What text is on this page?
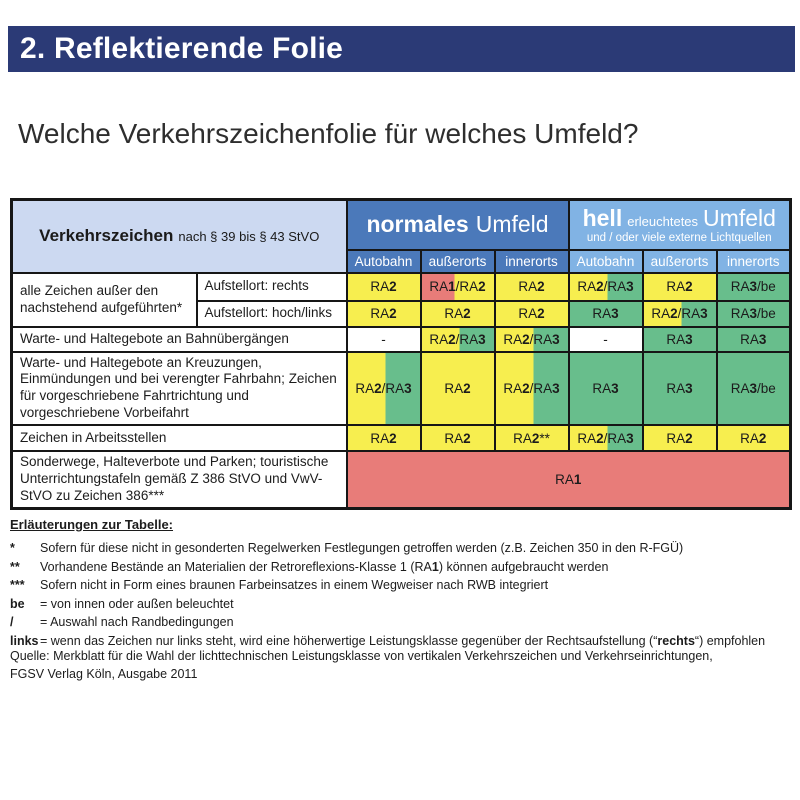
2. Reflektierende Folie
Welche Verkehrszeichenfolie für welches Umfeld?
Verkehrszeichen nach § 39 bis § 43 StVO		normales Umfeld			hell erleuchtetes Umfeld
und / oder viele externe Lichtquellen		

		Autobahn	außerorts	innerorts	Autobahn	außerorts	innerorts
alle Zeichen außer den nachstehend aufgeführten*	Aufstellort: rechts	RA2	RA1/RA2	RA2	RA2/RA3	RA2	RA3/be
	Aufstellort: hoch/links	RA2	RA2	RA2	RA3	RA2/RA3	RA3/be
Warte- und Haltegebote an Bahnübergängen		-	RA2/RA3	RA2/RA3	-	RA3	RA3
Warte- und Haltegebote an Kreuzungen, Einmündungen und bei verengter Fahrbahn; Zeichen für vorgeschriebene Fahrtrichtung und vorgeschriebene Vorbeifahrt		RA2/RA3	RA2	RA2/RA3	RA3	RA3	RA3/be
Zeichen in Arbeitsstellen		RA2	RA2	RA2**	RA2/RA3	RA2	RA2
Sonderwege, Halteverbote und Parken; touristische Unterrichtungstafeln gemäß Z 386 StVO und VwV-StVO zu Zeichen 386***		RA1					
Erläuterungen zur Tabelle:
*	Sofern für diese nicht in gesonderten Regelwerken Festlegungen getroffen werden (z.B. Zeichen 350 in den R-FGÜ)
**	Vorhandene Bestände an Materialien der Retroreflexions-Klasse 1 (RA1) können aufgebraucht werden
***	Sofern nicht in Form eines braunen Farbeinsatzes in einem Wegweiser nach RWB integriert
be	= von innen oder außen beleuchtet
/	= Auswahl nach Randbedingungen
links = wenn das Zeichen nur links steht, wird eine höherwertige Leistungsklasse gegenüber der Rechtsaufstellung (“rechts“) empfohlen
Quelle: Merkblatt für die Wahl der lichttechnischen Leistungsklasse von vertikalen Verkehrszeichen und Verkehrseinrichtungen,
FGSV Verlag Köln, Ausgabe 2011
